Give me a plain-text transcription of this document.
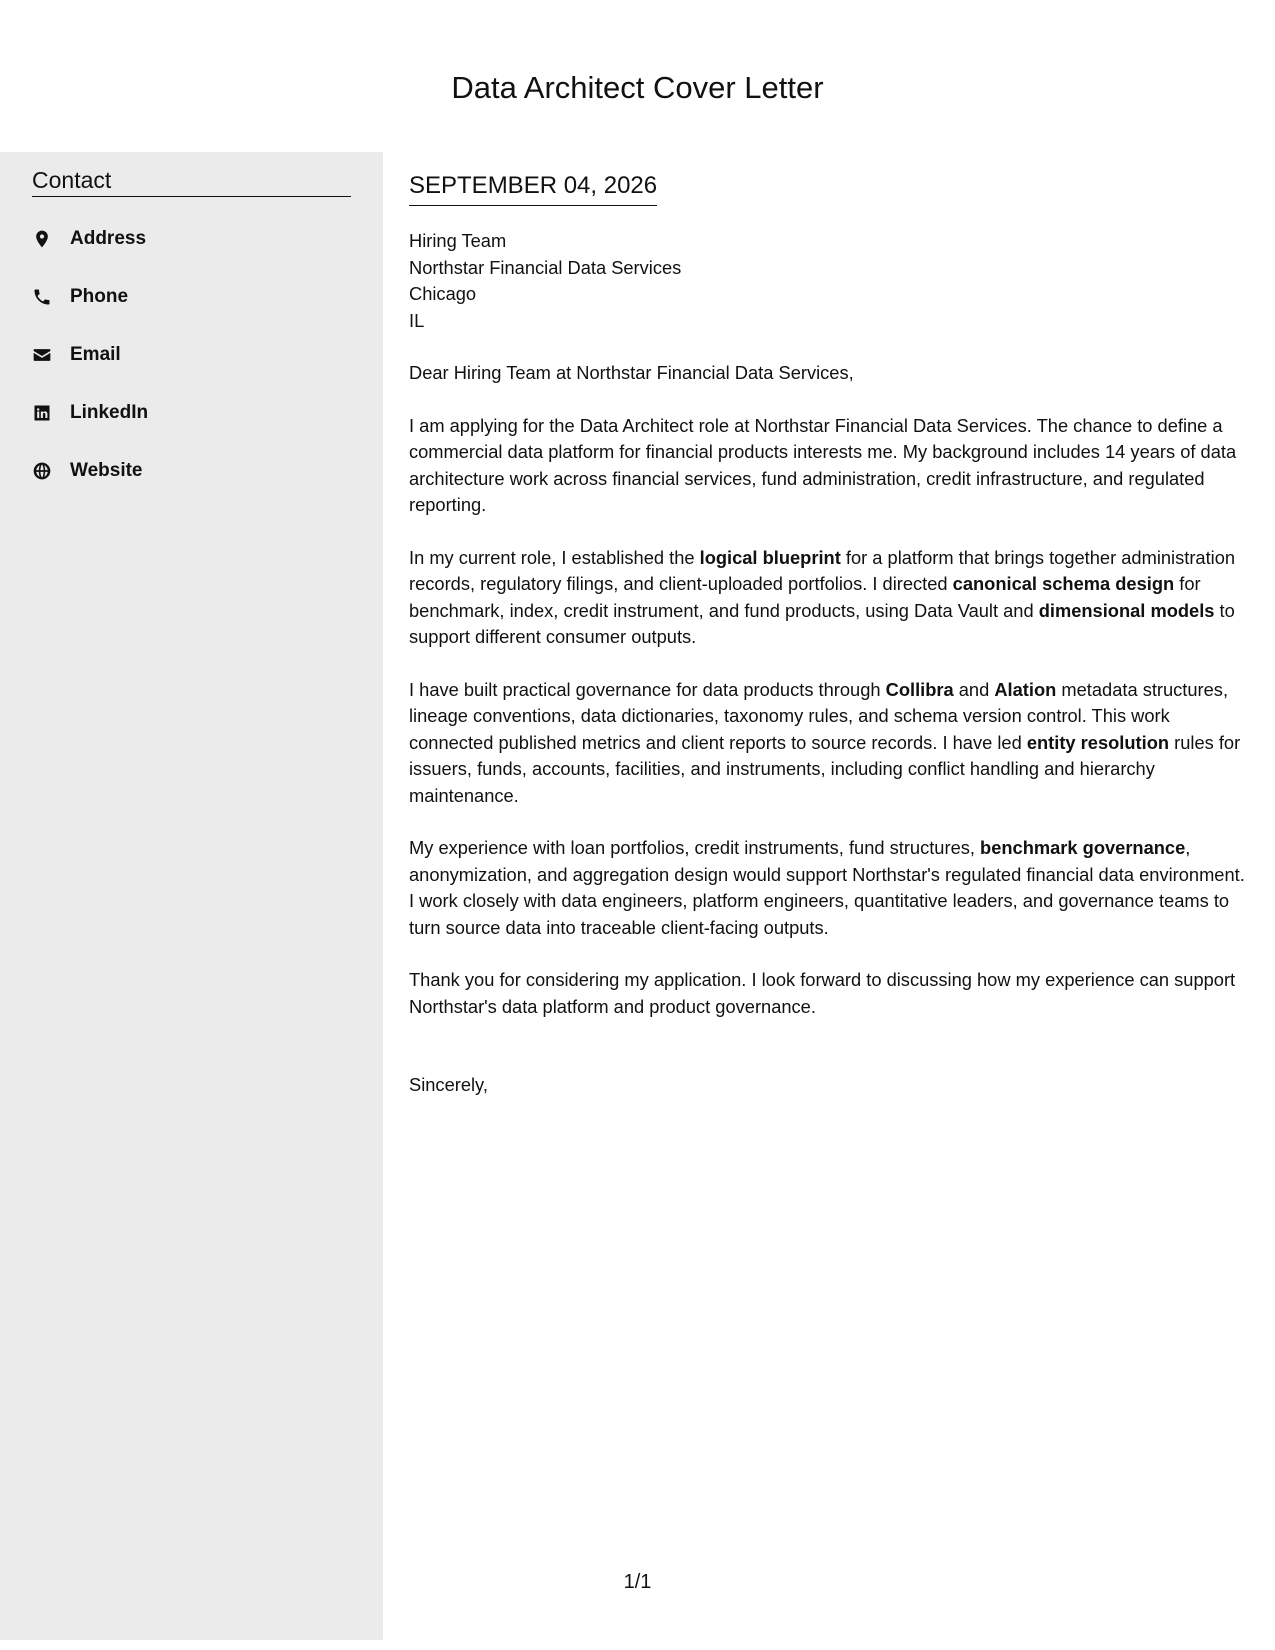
Data Architect Cover Letter
Contact
Address
Phone
Email
LinkedIn
Website
SEPTEMBER 04, 2026

Hiring Team

Northstar Financial Data Services

Chicago

IL

Dear Hiring Team at Northstar Financial Data Services,

I am applying for the Data Architect role at Northstar Financial Data Services. The chance to define a commercial data platform for financial products interests me. My background includes 14 years of data architecture work across financial services, fund administration, credit infrastructure, and regulated reporting.

In my current role, I established the logical blueprint for a platform that brings together administration records, regulatory filings, and client-uploaded portfolios. I directed canonical schema design for benchmark, index, credit instrument, and fund products, using Data Vault and dimensional models to support different consumer outputs.

I have built practical governance for data products through Collibra and Alation metadata structures, lineage conventions, data dictionaries, taxonomy rules, and schema version control. This work connected published metrics and client reports to source records. I have led entity resolution rules for issuers, funds, accounts, facilities, and instruments, including conflict handling and hierarchy maintenance.

My experience with loan portfolios, credit instruments, fund structures, benchmark governance, anonymization, and aggregation design would support Northstar's regulated financial data environment. I work closely with data engineers, platform engineers, quantitative leaders, and governance teams to turn source data into traceable client-facing outputs.

Thank you for considering my application. I look forward to discussing how my experience can support Northstar's data platform and product governance.

Sincerely,

1/1
